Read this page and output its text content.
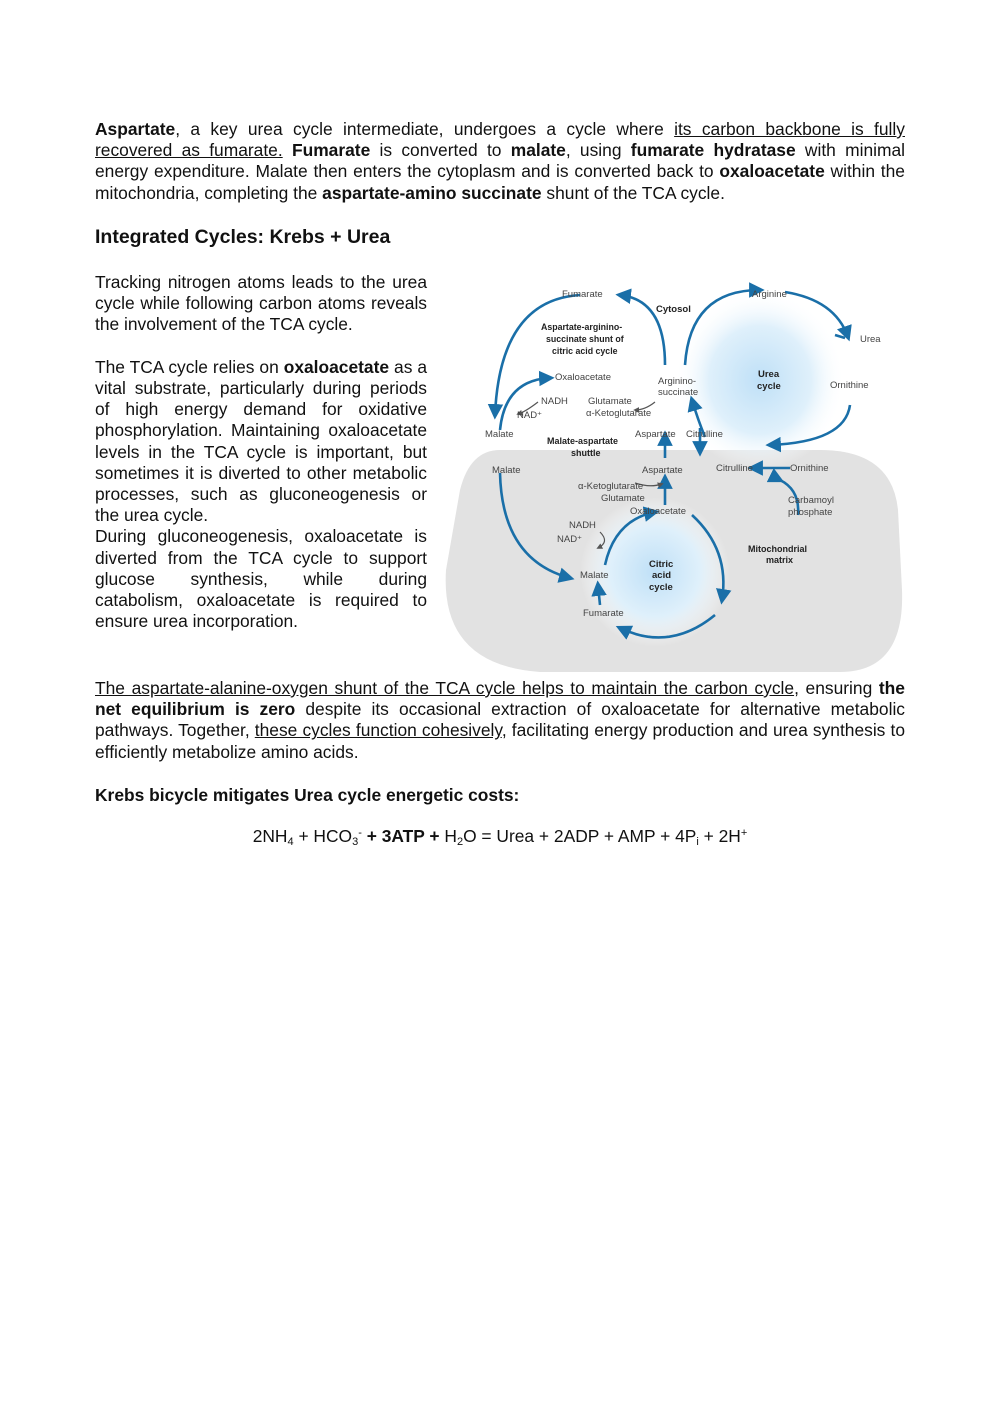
Aspartate, a key urea cycle intermediate, undergoes a cycle where its carbon backbone is fully recovered as fumarate. Fumarate is converted to malate, using fumarate hydratase with minimal energy expenditure. Malate then enters the cytoplasm and is converted back to oxaloacetate within the mitochondria, completing the aspartate-amino succinate shunt of the TCA cycle.

Integrated Cycles: Krebs + Urea

Tracking nitrogen atoms leads to the urea cycle while following carbon atoms reveals the involvement of the TCA cycle.

The TCA cycle relies on oxaloacetate as a vital substrate, particularly during periods of high energy demand for oxidative phosphorylation. Maintaining oxaloacetate levels in the TCA cycle is important, but sometimes it is diverted to other metabolic processes, such as gluconeogenesis or the urea cycle.

During gluconeogenesis, oxaloacetate is diverted from the TCA cycle to support glucose synthesis, while during catabolism, oxaloacetate is required to ensure urea incorporation.

Fumarate
Cytosol
Arginine
Urea
Aspartate-arginino-
succinate shunt of
citric acid cycle
Oxaloacetate	Arginino-
succinate
Urea
cycle	Ornithine
NADH Glutamate
NAD⁺	α-Ketoglutarate
Malate	Aspartate Citrulline
Malate-aspartate
shuttle
Malate	Aspartate	Citrulline	Ornithine
α-Ketoglutarate
Glutamate	Carbamoyl
phosphate
Oxaloacetate
NADH
NAD⁺
Mitochondrial
matrix
Citric
acid
cycle
Malate
Fumarate

The aspartate-alanine-oxygen shunt of the TCA cycle helps to maintain the carbon cycle, ensuring the net equilibrium is zero despite its occasional extraction of oxaloacetate for alternative metabolic pathways. Together, these cycles function cohesively, facilitating energy production and urea synthesis to efficiently metabolize amino acids.

Krebs bicycle mitigates Urea cycle energetic costs:

$2NH_4 + HCO_3^- + 3ATP + H_2O$ = Urea + 2ADP + AMP + $4P_i + 2H^+$
